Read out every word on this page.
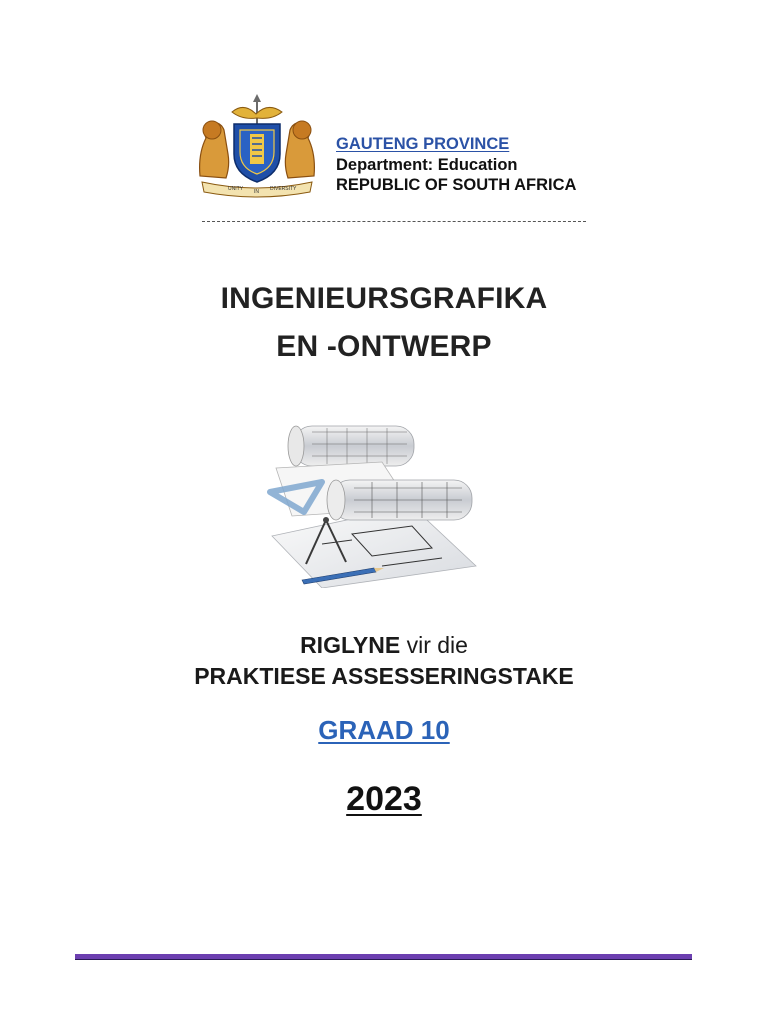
UNITY IN DIVERSITY
GAUTENG PROVINCE
Department: Education
REPUBLIC OF SOUTH AFRICA
INGENIEURSGRAFIKA
EN -ONTWERP
RIGLYNE vir die
PRAKTIESE ASSESSERINGSTAKE
GRAAD 10
2023
